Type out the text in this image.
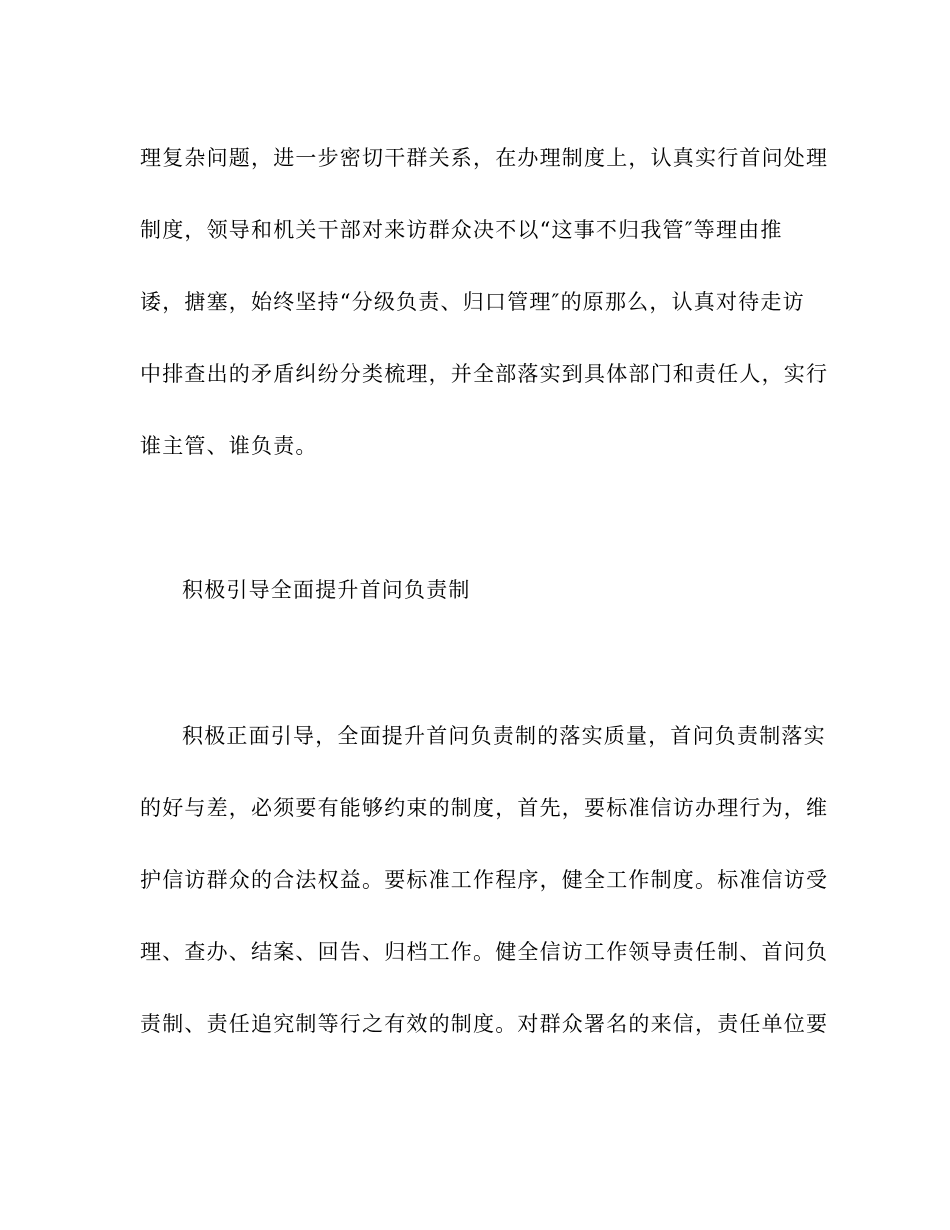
理复杂问题，进一步密切干群关系，在办理制度上，认真实行首问处理
制度，领导和机关干部对来访群众决不以“这事不归我管″等理由推
诿，搪塞，始终坚持“分级负责、归口管理″的原那么，认真对待走访
中排查出的矛盾纠纷分类梳理，并全部落实到具体部门和责任人，实行
谁主管、谁负责。
积极引导全面提升首问负责制
积极正面引导，全面提升首问负责制的落实质量，首问负责制落实
的好与差，必须要有能够约束的制度，首先，要标准信访办理行为，维
护信访群众的合法权益。要标准工作程序，健全工作制度。标准信访受
理、查办、结案、回告、归档工作。健全信访工作领导责任制、首问负
责制、责任追究制等行之有效的制度。对群众署名的来信，责任单位要
